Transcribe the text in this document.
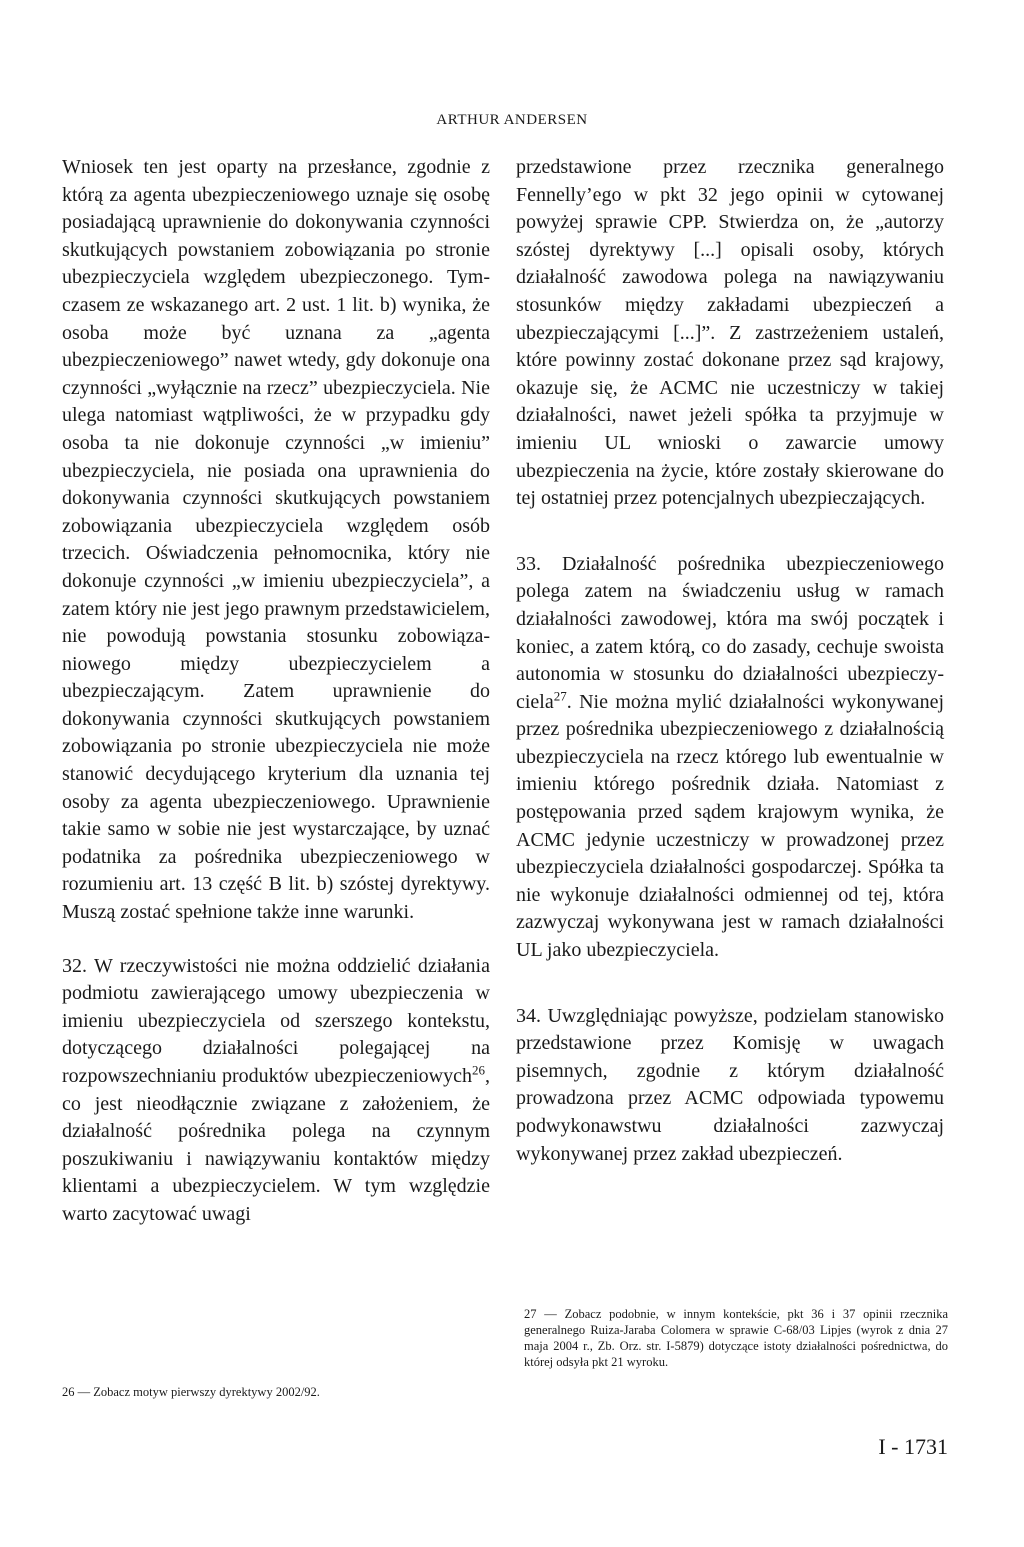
ARTHUR ANDERSEN

Wniosek ten jest oparty na przesłance, zgodnie z którą za agenta ubezpieczeniowego uznaje się osobę posiadającą uprawnienie do dokonywania czynności skutkujących powstaniem zobowiązania po stronie ubezpieczyciela względem ubezpieczonego. Tymczasem ze wskazanego art. 2 ust. 1 lit. b) wynika, że osoba może być uznana za „agenta ubezpieczeniowego” nawet wtedy, gdy dokonuje ona czynności „wyłącznie na rzecz” ubezpieczyciela. Nie ulega natomiast wątpliwości, że w przypadku gdy osoba ta nie dokonuje czynności „w imieniu” ubezpieczyciela, nie posiada ona uprawnienia do dokonywania czynności skutkujących powstaniem zobowiązania ubezpieczyciela względem osób trzecich. Oświadczenia pełnomocnika, który nie dokonuje czynności „w imieniu ubezpieczyciela”, a zatem który nie jest jego prawnym przedstawicielem, nie powodują powstania stosunku zobowiązaniowego między ubezpieczycielem a ubezpieczającym. Zatem uprawnienie do dokonywania czynności skutkujących powstaniem zobowiązania po stronie ubezpieczyciela nie może stanowić decydującego kryterium dla uznania tej osoby za agenta ubezpieczeniowego. Uprawnienie takie samo w sobie nie jest wystarczające, by uznać podatnika za pośrednika ubezpieczeniowego w rozumieniu art. 13 część B lit. b) szóstej dyrektywy. Muszą zostać spełnione także inne warunki.

32. W rzeczywistości nie można oddzielić działania podmiotu zawierającego umowy ubezpieczenia w imieniu ubezpieczyciela od szerszego kontekstu, dotyczącego działalności polegającej na rozpowszechnianiu produktów ubezpieczeniowych$^{26}$, co jest nieodłącznie związane z założeniem, że działalność pośrednika polega na czynnym poszukiwaniu i nawiązywaniu kontaktów między klientami a ubezpieczycielem. W tym względzie warto zacytować uwagi

przedstawione przez rzecznika generalnego Fennelly’ego w pkt 32 jego opinii w cytowanej powyżej sprawie CPP. Stwierdza on, że „autorzy szóstej dyrektywy [...] opisali osoby, których działalność zawodowa polega na nawiązywaniu stosunków między zakładami ubezpieczeń a ubezpieczającymi [...]”. Z zastrzeżeniem ustaleń, które powinny zostać dokonane przez sąd krajowy, okazuje się, że ACMC nie uczestniczy w takiej działalności, nawet jeżeli spółka ta przyjmuje w imieniu UL wnioski o zawarcie umowy ubezpieczenia na życie, które zostały skierowane do tej ostatniej przez potencjalnych ubezpieczających.

33. Działalność pośrednika ubezpieczeniowego polega zatem na świadczeniu usług w ramach działalności zawodowej, która ma swój początek i koniec, a zatem którą, co do zasady, cechuje swoista autonomia w stosunku do działalności ubezpieczyciela$^{27}$. Nie można mylić działalności wykonywanej przez pośrednika ubezpieczeniowego z działalnością ubezpieczyciela na rzecz którego lub ewentualnie w imieniu którego pośrednik działa. Natomiast z postępowania przed sądem krajowym wynika, że ACMC jedynie uczestniczy w prowadzonej przez ubezpieczyciela działalności gospodarczej. Spółka ta nie wykonuje działalności odmiennej od tej, która zazwyczaj wykonywana jest w ramach działalności UL jako ubezpieczyciela.

34. Uwzględniając powyższe, podzielam stanowisko przedstawione przez Komisję w uwagach pisemnych, zgodnie z którym działalność prowadzona przez ACMC odpowiada typowemu podwykonawstwu działalności zazwyczaj wykonywanej przez zakład ubezpieczeń.

26 — Zobacz motyw pierwszy dyrektywy 2002/92.
27 — Zobacz podobnie, w innym kontekście, pkt 36 i 37 opinii rzecznika generalnego Ruiza-Jaraba Colomera w sprawie C-68/03 Lipjes (wyrok z dnia 27 maja 2004 r., Zb. Orz. str. I-5879) dotyczące istoty działalności pośrednictwa, do której odsyła pkt 21 wyroku.
I - 1731
